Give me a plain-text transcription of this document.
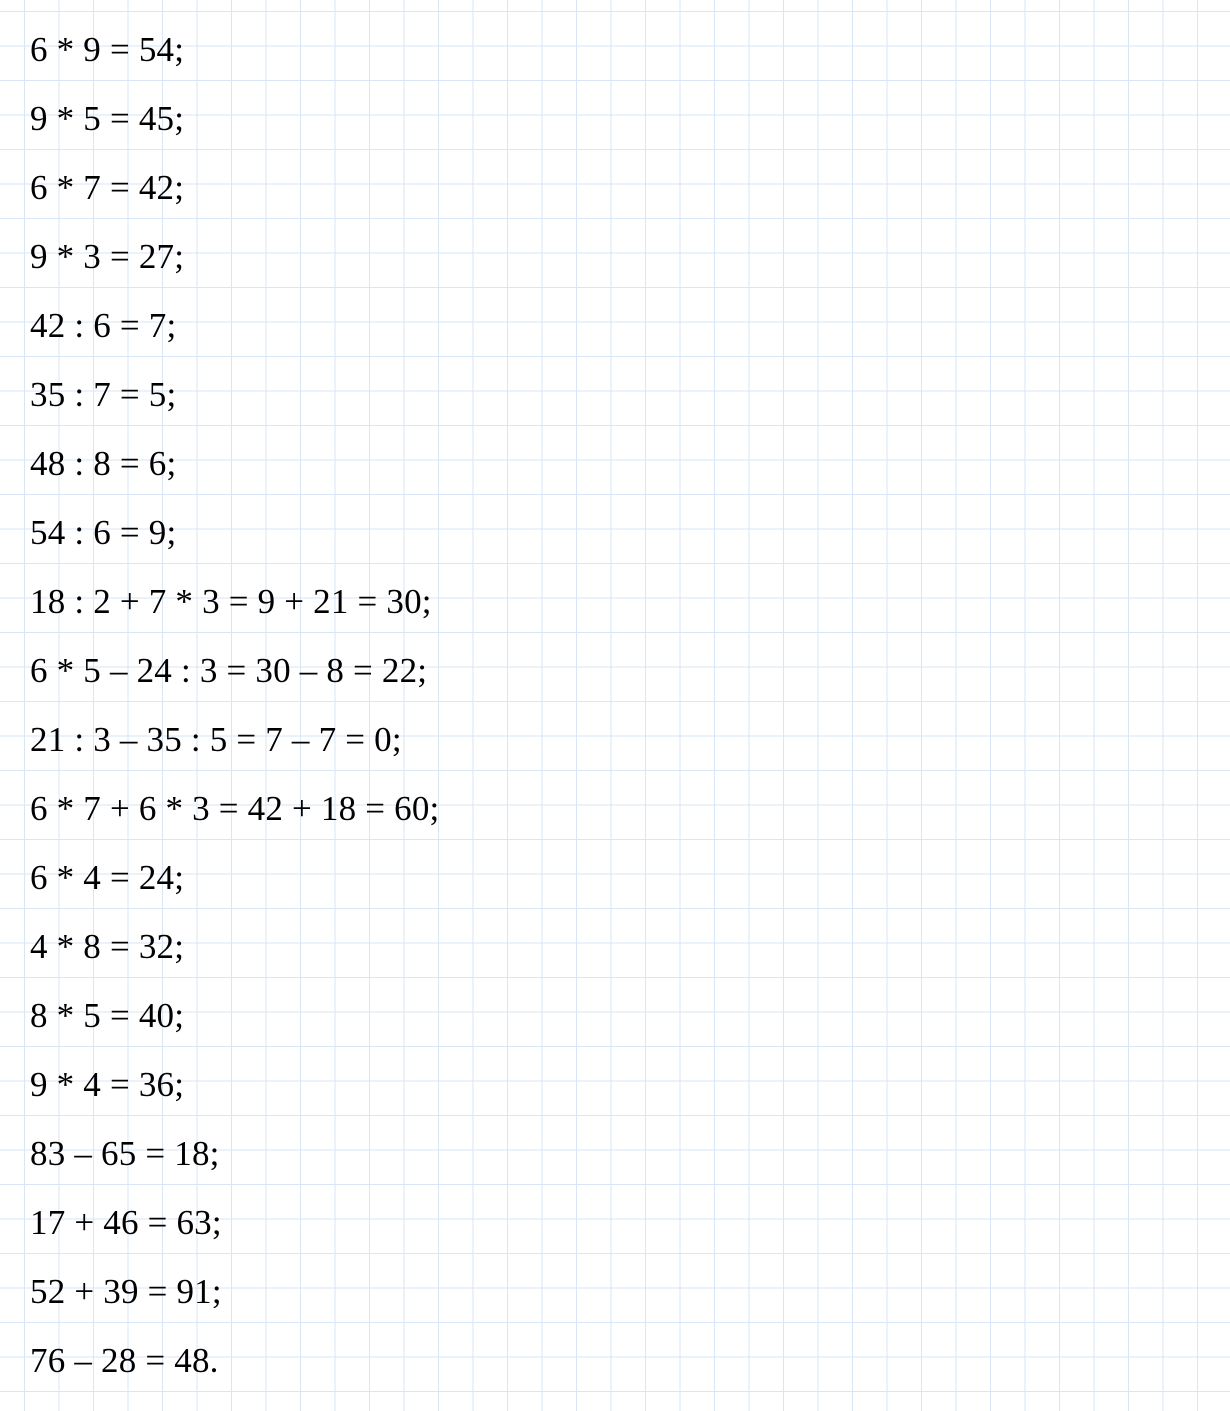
6 * 9 = 54;
9 * 5 = 45;
6 * 7 = 42;
9 * 3 = 27;
42 : 6 = 7;
35 : 7 = 5;
48 : 8 = 6;
54 : 6 = 9;
18 : 2 + 7 * 3 = 9 + 21 = 30;
6 * 5 – 24 : 3 = 30 – 8 = 22;
21 : 3 – 35 : 5 = 7 – 7 = 0;
6 * 7 + 6 * 3 = 42 + 18 = 60;
6 * 4 = 24;
4 * 8 = 32;
8 * 5 = 40;
9 * 4 = 36;
83 – 65 = 18;
17 + 46 = 63;
52 + 39 = 91;
76 – 28 = 48.
